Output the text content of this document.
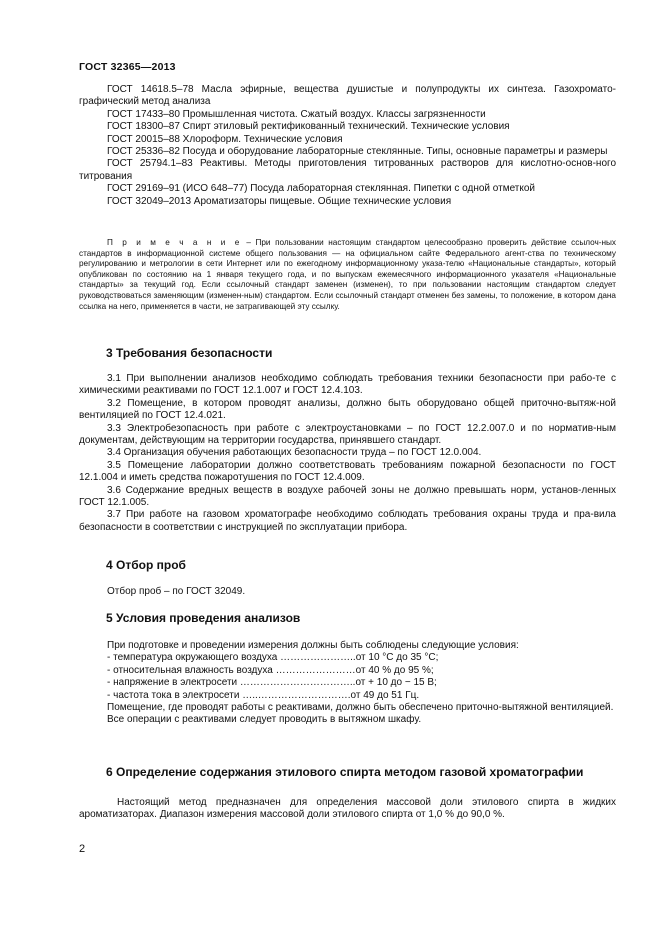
ГОСТ 32365—2013

ГОСТ 14618.5–78 Масла эфирные, вещества душистые и полупродукты их синтеза. Газохромато-графический метод анализа

ГОСТ 17433–80 Промышленная чистота. Сжатый воздух. Классы загрязненности

ГОСТ 18300–87 Спирт этиловый ректификованный технический. Технические условия

ГОСТ 20015–88 Хлороформ. Технические условия

ГОСТ 25336–82 Посуда и оборудование лабораторные стеклянные. Типы, основные параметры и размеры

ГОСТ 25794.1–83 Реактивы. Методы приготовления титрованных растворов для кислотно-основ-ного титрования

ГОСТ 29169–91 (ИСО 648–77) Посуда лабораторная стеклянная. Пипетки с одной отметкой

ГОСТ 32049–2013 Ароматизаторы пищевые. Общие технические условия

П р и м е ч а н и е – При пользовании настоящим стандартом целесообразно проверить действие ссылоч-ных стандартов в информационной системе общего пользования — на официальном сайте Федерального агент-ства по техническому регулированию и метрологии в сети Интернет или по ежегодному информационному указа-телю «Национальные стандарты», который опубликован по состоянию на 1 января текущего года, и по выпускам ежемесячного информационного указателя «Национальные стандарты» за текущий год. Если ссылочный стандарт заменен (изменен), то при пользовании настоящим стандартом следует руководствоваться заменяющим (изменен-ным) стандартом. Если ссылочный стандарт отменен без замены, то положение, в котором дана ссылка на него, применяется в части, не затрагивающей эту ссылку.

3 Требования безопасности

3.1 При выполнении анализов необходимо соблюдать требования техники безопасности при рабо-те с химическими реактивами по ГОСТ 12.1.007 и ГОСТ 12.4.103.

3.2 Помещение, в котором проводят анализы, должно быть оборудовано общей приточно-вытяж-ной вентиляцией по ГОСТ 12.4.021.

3.3 Электробезопасность при работе с электроустановками – по ГОСТ 12.2.007.0 и по норматив-ным документам, действующим на территории государства, принявшего стандарт.

3.4 Организация обучения работающих безопасности труда – по ГОСТ 12.0.004.

3.5 Помещение лаборатории должно соответствовать требованиям пожарной безопасности по ГОСТ 12.1.004 и иметь средства пожаротушения по ГОСТ 12.4.009.

3.6 Содержание вредных веществ в воздухе рабочей зоны не должно превышать норм, установ-ленных ГОСТ 12.1.005.

3.7 При работе на газовом хроматографе необходимо соблюдать требования охраны труда и пра-вила безопасности в соответствии с инструкцией по эксплуатации прибора.

4 Отбор проб

Отбор проб – по ГОСТ 32049.

5 Условия проведения анализов

При подготовке и проведении измерения должны быть соблюдены следующие условия:

- температура окружающего воздуха …………………..от 10 °С до 35 °С;

- относительная влажность воздуха ……………………от 40 % до 95 %;

- напряжение в электросети ……………………………..от + 10 до − 15 В;

- частота тока в электросети …..……………………….от 49 до 51 Гц.

Помещение, где проводят работы с реактивами, должно быть обеспечено приточно-вытяжной вентиляцией.

Все операции с реактивами следует проводить в вытяжном шкафу.

6 Определение содержания этилового спирта методом газовой хроматографии

Настоящий метод предназначен для определения массовой доли этилового спирта в жидких ароматизаторах. Диапазон измерения массовой доли этилового спирта от 1,0 % до 90,0 %.

2
